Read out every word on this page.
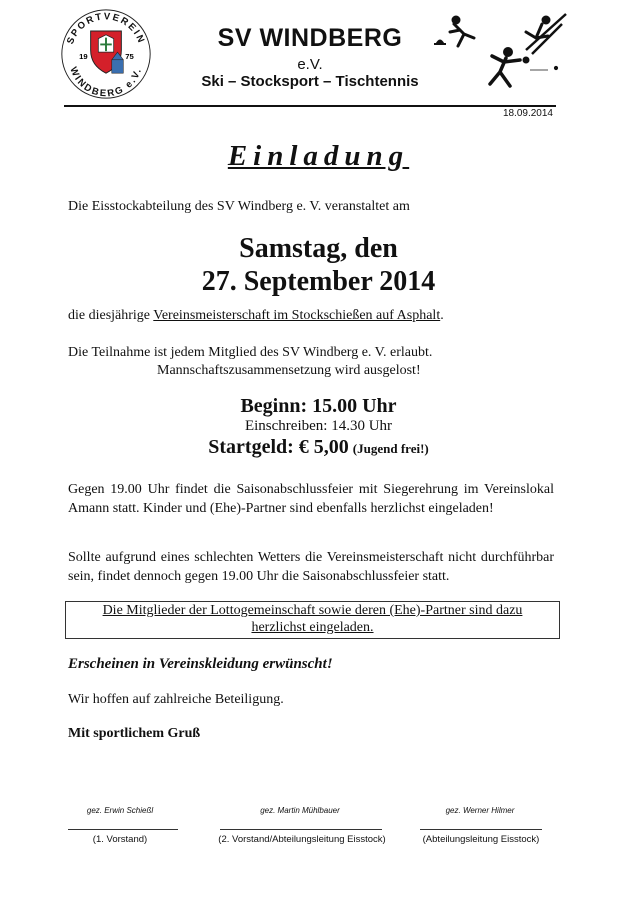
SPORTVEREIN
WINDBERG e.V.
19	75
SV WINDBERG
e.V.
Ski – Stocksport – Tischtennis
18.09.2014
Einladung
Die Eisstockabteilung des SV Windberg e. V. veranstaltet am
Samstag, den
27. September 2014
die diesjährige Vereinsmeisterschaft im Stockschießen auf Asphalt.
Die Teilnahme ist jedem Mitglied des SV Windberg e. V. erlaubt.
Mannschaftszusammensetzung wird ausgelost!
Beginn: 15.00 Uhr
Einschreiben: 14.30 Uhr
Startgeld: € 5,00 (Jugend frei!)
Gegen 19.00 Uhr findet die Saisonabschlussfeier mit Siegerehrung im Vereinslokal Amann statt. Kinder und (Ehe)-Partner sind ebenfalls herzlichst eingeladen!
Sollte aufgrund eines schlechten Wetters die Vereinsmeisterschaft nicht durchführbar sein, findet dennoch gegen 19.00 Uhr die Saisonabschlussfeier statt.
Die Mitglieder der Lottogemeinschaft sowie deren (Ehe)-Partner sind dazu
herzlichst eingeladen.
Erscheinen in Vereinskleidung erwünscht!
Wir hoffen auf zahlreiche Beteiligung.
Mit sportlichem Gruß
gez. Erwin Schießl	gez. Martin Mühlbauer	gez. Werner Hilmer
(1. Vorstand)	(2. Vorstand/Abteilungsleitung Eisstock)	(Abteilungsleitung Eisstock)
